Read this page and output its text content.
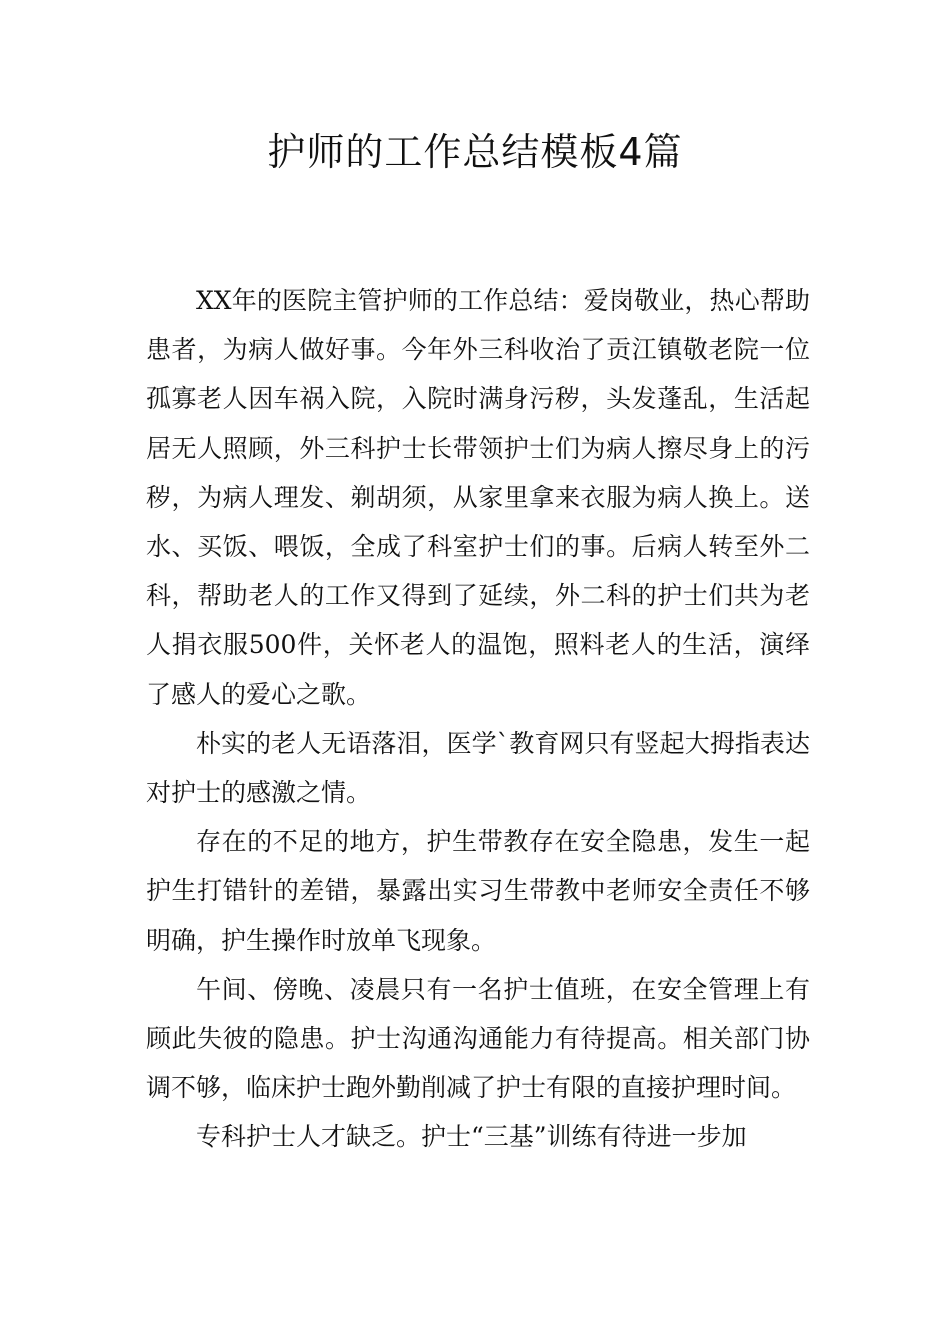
护师的工作总结模板4篇

XX年的医院主管护师的工作总结：爱岗敬业，热心帮助患者，为病人做好事。今年外三科收治了贡江镇敬老院一位孤寡老人因车祸入院，入院时满身污秽，头发蓬乱，生活起居无人照顾，外三科护士长带领护士们为病人擦尽身上的污秽，为病人理发、剃胡须，从家里拿来衣服为病人换上。送水、买饭、喂饭，全成了科室护士们的事。后病人转至外二科，帮助老人的工作又得到了延续，外二科的护士们共为老人捐衣服500件，关怀老人的温饱，照料老人的生活，演绎了感人的爱心之歌。

朴实的老人无语落泪，医学`教育网只有竖起大拇指表达对护士的感激之情。

存在的不足的地方，护生带教存在安全隐患，发生一起护生打错针的差错，暴露出实习生带教中老师安全责任不够明确，护生操作时放单飞现象。

午间、傍晚、凌晨只有一名护士值班，在安全管理上有顾此失彼的隐患。护士沟通沟通能力有待提高。相关部门协调不够，临床护士跑外勤削减了护士有限的直接护理时间。

专科护士人才缺乏。护士“三基”训练有待进一步加
